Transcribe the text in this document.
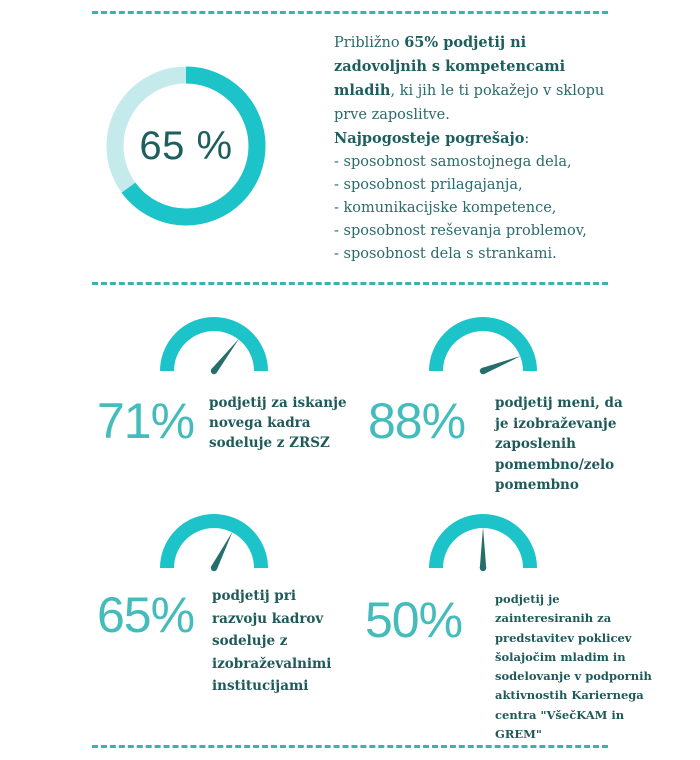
65 %
Približno 65% podjetij ni
zadovoljnih s kompetencami
mladih, ki jih le ti pokažejo v sklopu
prve zaposlitve.
Najpogosteje pogrešajo:
- sposobnost samostojnega dela,
- sposobnost prilagajanja,
- komunikacijske kompetence,
- sposobnost reševanja problemov,
- sposobnost dela s strankami.
71% podjetij za iskanje
novega kadra
sodeluje z ZRSZ 88% podjetij meni, da
je izobraževanje
zaposlenih
pomembno/zelo
pomembno
65% podjetij pri
razvoju kadrov
sodeluje z
izobraževalnimi
institucijami
50%	podjetij je
zainteresiranih za
predstavitev poklicev
šolajočim mladim in
sodelovanje v podpornih
aktivnostih Kariernega
centra "VšečKAM in
GREM"
